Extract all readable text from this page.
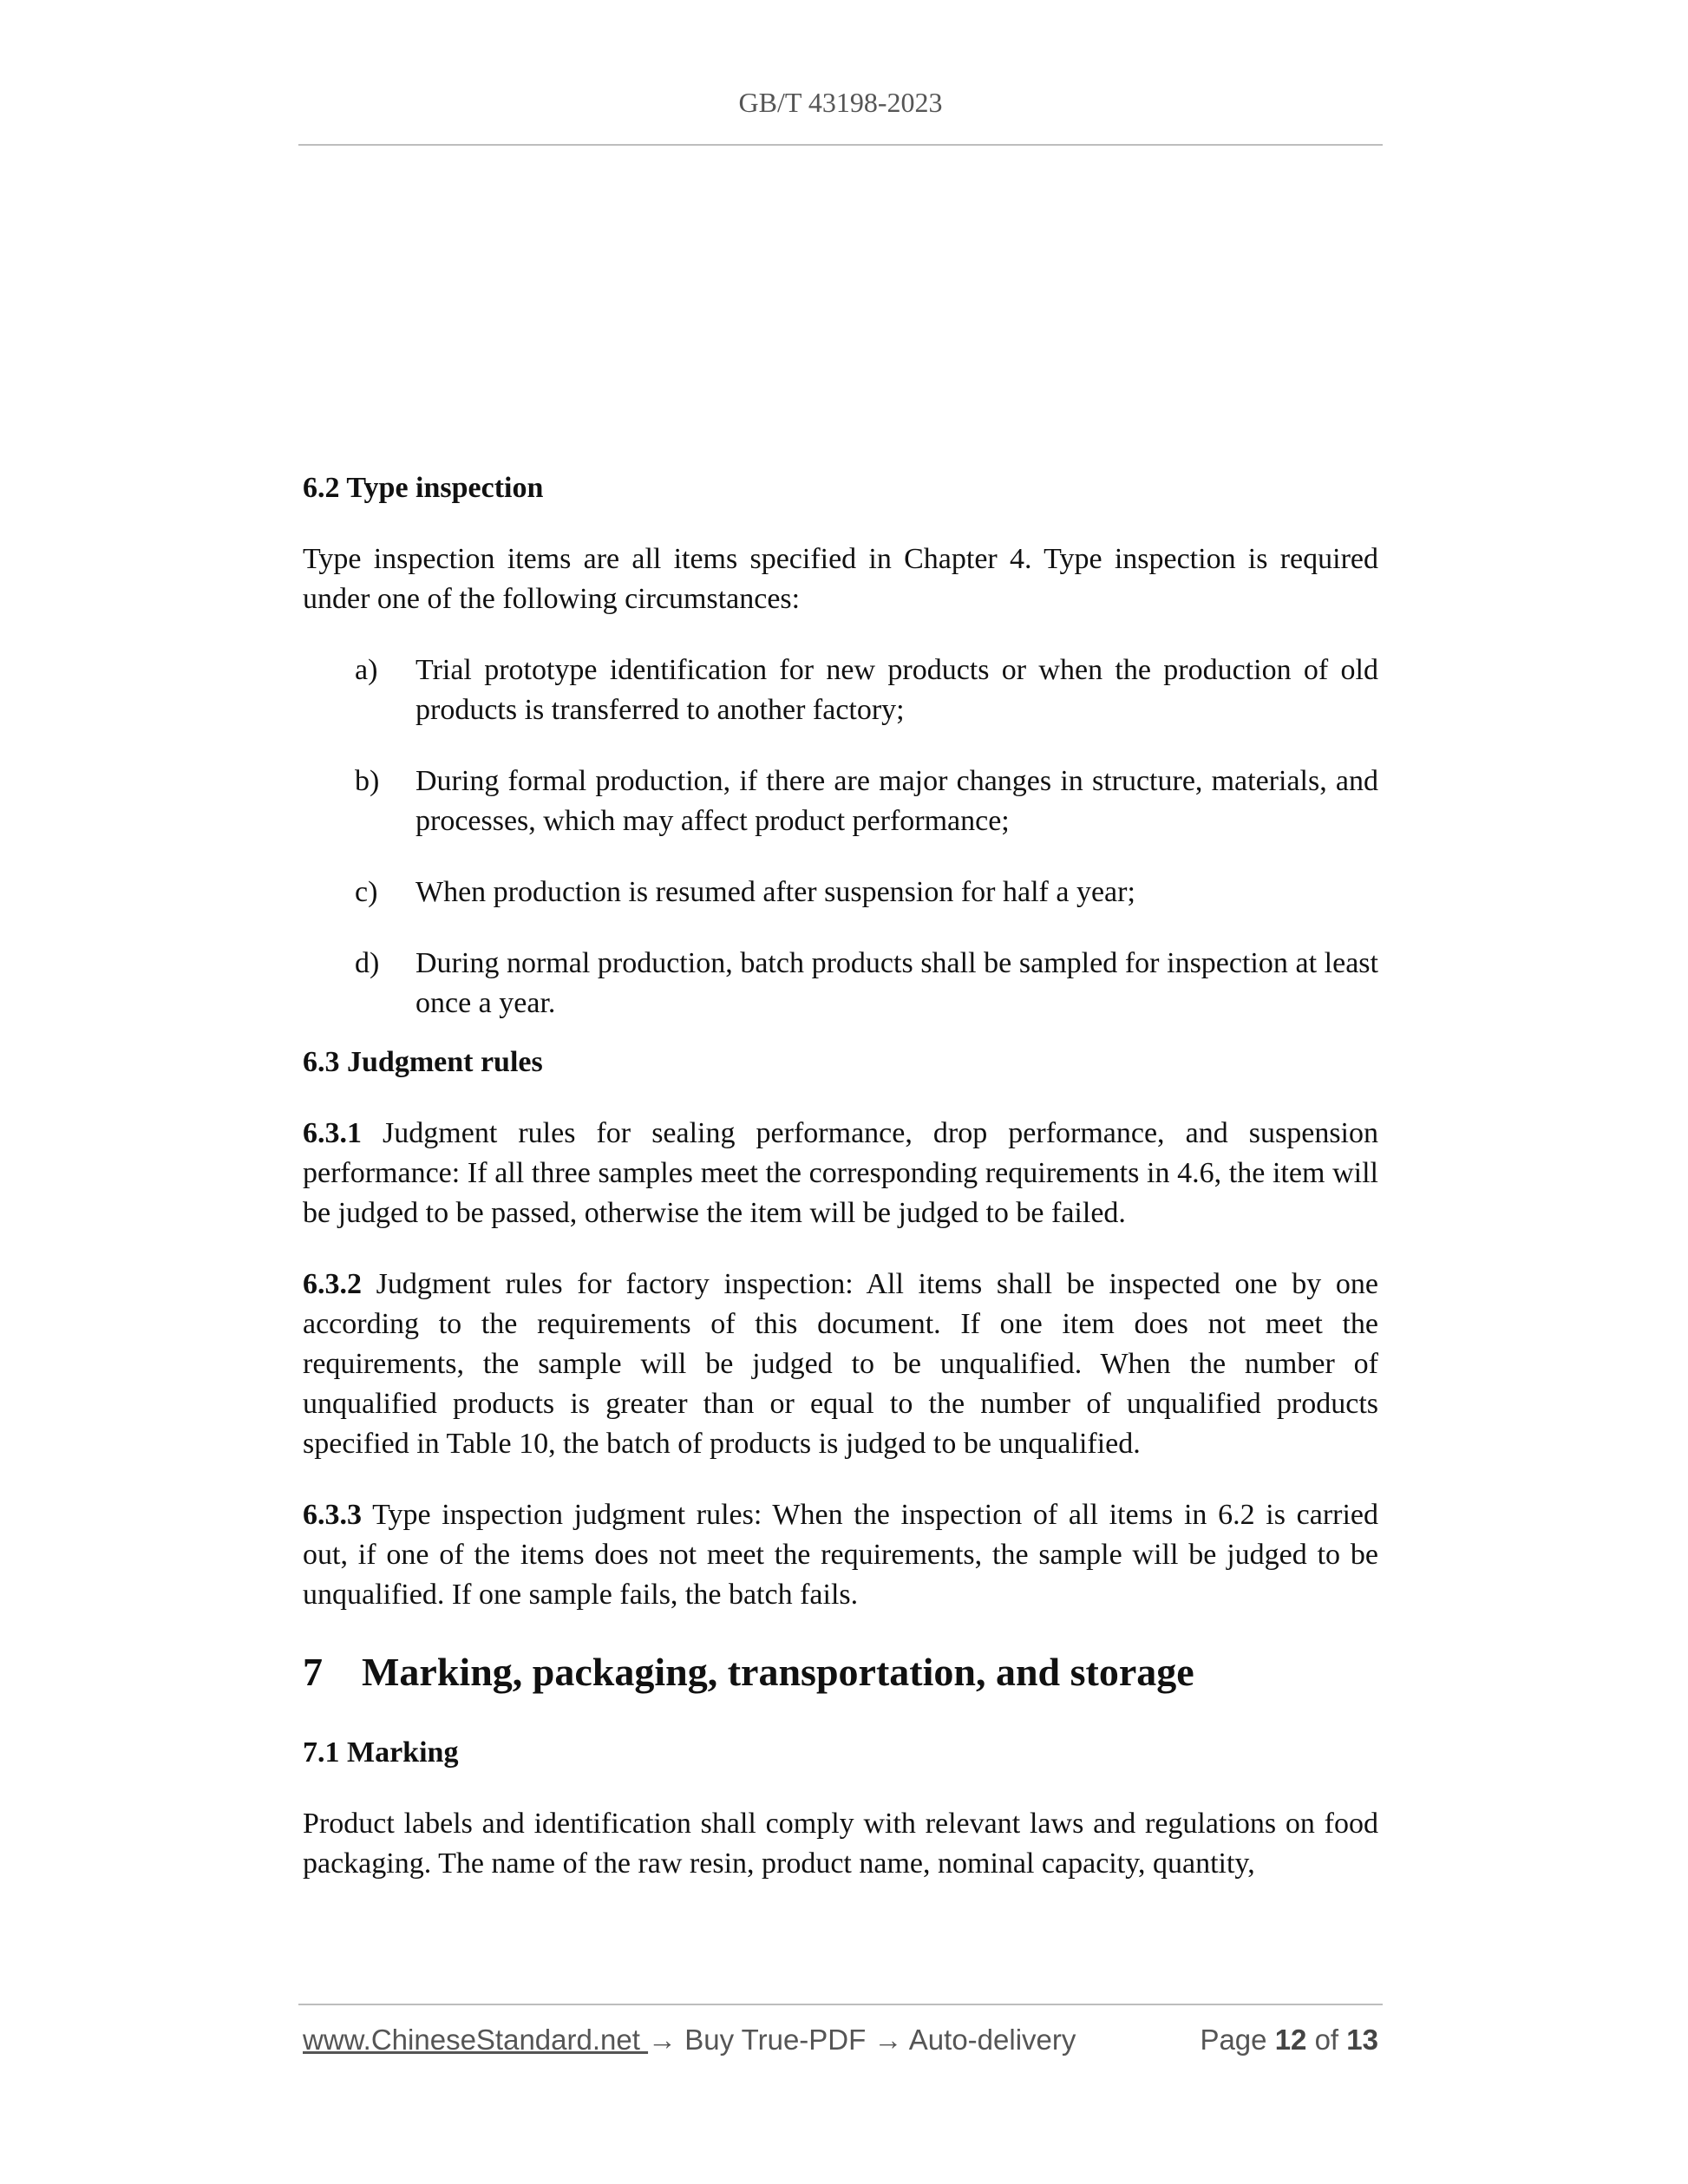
GB/T 43198-2023

6.2 Type inspection

Type inspection items are all items specified in Chapter 4. Type inspection is required under one of the following circumstances:

a)	Trial prototype identification for new products or when the production of old products is transferred to another factory;
b)	During formal production, if there are major changes in structure, materials, and processes, which may affect product performance;
c)	When production is resumed after suspension for half a year;
d)	During normal production, batch products shall be sampled for inspection at least once a year.

6.3 Judgment rules

6.3.1 Judgment rules for sealing performance, drop performance, and suspension performance: If all three samples meet the corresponding requirements in 4.6, the item will be judged to be passed, otherwise the item will be judged to be failed.

6.3.2 Judgment rules for factory inspection: All items shall be inspected one by one according to the requirements of this document. If one item does not meet the requirements, the sample will be judged to be unqualified. When the number of unqualified products is greater than or equal to the number of unqualified products specified in Table 10, the batch of products is judged to be unqualified.

6.3.3 Type inspection judgment rules: When the inspection of all items in 6.2 is carried out, if one of the items does not meet the requirements, the sample will be judged to be unqualified. If one sample fails, the batch fails.

7 Marking, packaging, transportation, and storage

7.1 Marking

Product labels and identification shall comply with relevant laws and regulations on food packaging. The name of the raw resin, product name, nominal capacity, quantity,

www.ChineseStandard.net → Buy True-PDF → Auto-delivery	Page 12 of 13
